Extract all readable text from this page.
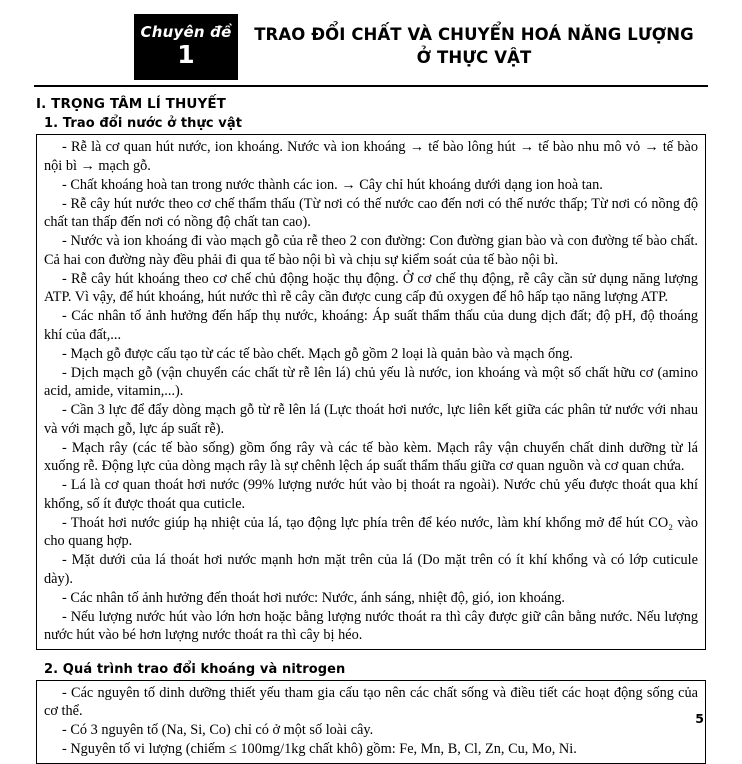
Chuyên đề
1
TRAO ĐỔI CHẤT VÀ CHUYỂN HOÁ NĂNG LƯỢNG
Ở THỰC VẬT
I. TRỌNG TÂM LÍ THUYẾT
1. Trao đổi nước ở thực vật

- Rễ là cơ quan hút nước, ion khoáng. Nước và ion khoáng → tế bào lông hút → tế bào nhu mô vỏ → tế bào nội bì → mạch gỗ.

- Chất khoáng hoà tan trong nước thành các ion. → Cây chỉ hút khoáng dưới dạng ion hoà tan.

- Rễ cây hút nước theo cơ chế thẩm thấu (Từ nơi có thế nước cao đến nơi có thế nước thấp; Từ nơi có nồng độ chất tan thấp đến nơi có nồng độ chất tan cao).

- Nước và ion khoáng đi vào mạch gỗ của rễ theo 2 con đường: Con đường gian bào và con đường tế bào chất. Cả hai con đường này đều phải đi qua tế bào nội bì và chịu sự kiểm soát của tế bào nội bì.

- Rễ cây hút khoáng theo cơ chế chủ động hoặc thụ động. Ở cơ chế thụ động, rễ cây cần sử dụng năng lượng ATP. Vì vậy, để hút khoáng, hút nước thì rễ cây cần được cung cấp đủ oxygen để hô hấp tạo năng lượng ATP.

- Các nhân tố ảnh hưởng đến hấp thụ nước, khoáng: Áp suất thẩm thấu của dung dịch đất; độ pH, độ thoáng khí của đất,...

- Mạch gỗ được cấu tạo từ các tế bào chết. Mạch gỗ gồm 2 loại là quản bào và mạch ống.

- Dịch mạch gỗ (vận chuyển các chất từ rễ lên lá) chủ yếu là nước, ion khoáng và một số chất hữu cơ (amino acid, amide, vitamin,...).

- Cần 3 lực để đẩy dòng mạch gỗ từ rễ lên lá (Lực thoát hơi nước, lực liên kết giữa các phân tử nước với nhau và với mạch gỗ, lực áp suất rễ).

- Mạch rây (các tế bào sống) gồm ống rây và các tế bào kèm. Mạch rây vận chuyển chất dinh dưỡng từ lá xuống rễ. Động lực của dòng mạch rây là sự chênh lệch áp suất thẩm thấu giữa cơ quan nguồn và cơ quan chứa.

- Lá là cơ quan thoát hơi nước (99% lượng nước hút vào bị thoát ra ngoài). Nước chủ yếu được thoát qua khí khổng, số ít được thoát qua cuticle.

- Thoát hơi nước giúp hạ nhiệt của lá, tạo động lực phía trên để kéo nước, làm khí khổng mở để hút CO₂ vào cho quang hợp.

- Mặt dưới của lá thoát hơi nước mạnh hơn mặt trên của lá (Do mặt trên có ít khí khổng và có lớp cuticule dày).

- Các nhân tố ảnh hưởng đến thoát hơi nước: Nước, ánh sáng, nhiệt độ, gió, ion khoáng.

- Nếu lượng nước hút vào lớn hơn hoặc bằng lượng nước thoát ra thì cây được giữ cân bằng nước. Nếu lượng nước hút vào bé hơn lượng nước thoát ra thì cây bị héo.

2. Quá trình trao đổi khoáng và nitrogen

- Các nguyên tố dinh dưỡng thiết yếu tham gia cấu tạo nên các chất sống và điều tiết các hoạt động sống của cơ thể.

- Có 3 nguyên tố (Na, Si, Co) chỉ có ở một số loài cây.

- Nguyên tố vi lượng (chiếm ≤ 100mg/1kg chất khô) gồm: Fe, Mn, B, Cl, Zn, Cu, Mo, Ni.

5
